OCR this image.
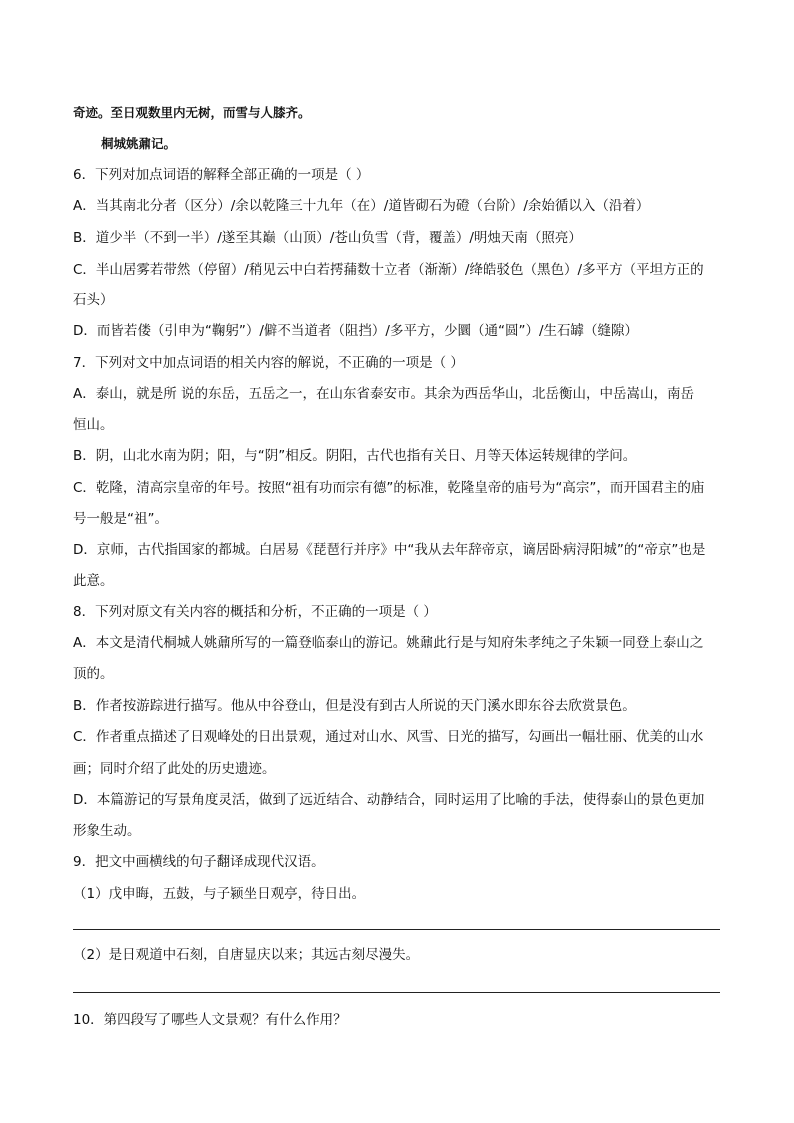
奇迹。至日观数里内无树，而雪与人膝齐。
桐城姚鼐记。
6．下列对加点词语的解释全部正确的一项是（ ）
A．当其南北分者（区分）/余以乾隆三十九年（在）/道皆砌石为磴（台阶）/余始循以入（沿着）
B．道少半（不到一半）/遂至其巅（山顶）/苍山负雪（背，覆盖）/明烛天南（照亮）
C．半山居雾若带然（停留）/稍见云中白若摴蒱数十立者（渐渐）/绛皓驳色（黑色）/多平方（平坦方正的
石头）
D．而皆若偻（引申为“鞠躬”）/僻不当道者（阻挡）/多平方，少圜（通“圆”）/生石罅（缝隙）
7．下列对文中加点词语的相关内容的解说，不正确的一项是（ ）
A．泰山，就是所 说的东岳，五岳之一，在山东省泰安市。其余为西岳华山，北岳衡山，中岳嵩山，南岳
恒山。
B．阴，山北水南为阴；阳，与“阴”相反。阴阳，古代也指有关日、月等天体运转规律的学问。
C．乾隆，清高宗皇帝的年号。按照“祖有功而宗有德”的标准，乾隆皇帝的庙号为“高宗”，而开国君主的庙
号一般是“祖”。
D．京师，古代指国家的都城。白居易《琵琶行并序》中“我从去年辞帝京，谪居卧病浔阳城”的“帝京”也是
此意。
8．下列对原文有关内容的概括和分析，不正确的一项是（ ）
A．本文是清代桐城人姚鼐所写的一篇登临泰山的游记。姚鼐此行是与知府朱孝纯之子朱颖一同登上泰山之
顶的。
B．作者按游踪进行描写。他从中谷登山，但是没有到古人所说的天门溪水即东谷去欣赏景色。
C．作者重点描述了日观峰处的日出景观，通过对山水、风雪、日光的描写，勾画出一幅壮丽、优美的山水
画；同时介绍了此处的历史遗迹。
D．本篇游记的写景角度灵活，做到了远近结合、动静结合，同时运用了比喻的手法，使得泰山的景色更加
形象生动。
9．把文中画横线的句子翻译成现代汉语。
（1）戊申晦，五鼓，与子颍坐日观亭，待日出。
（2）是日观道中石刻，自唐显庆以来；其远古刻尽漫失。
10．第四段写了哪些人文景观？有什么作用？
